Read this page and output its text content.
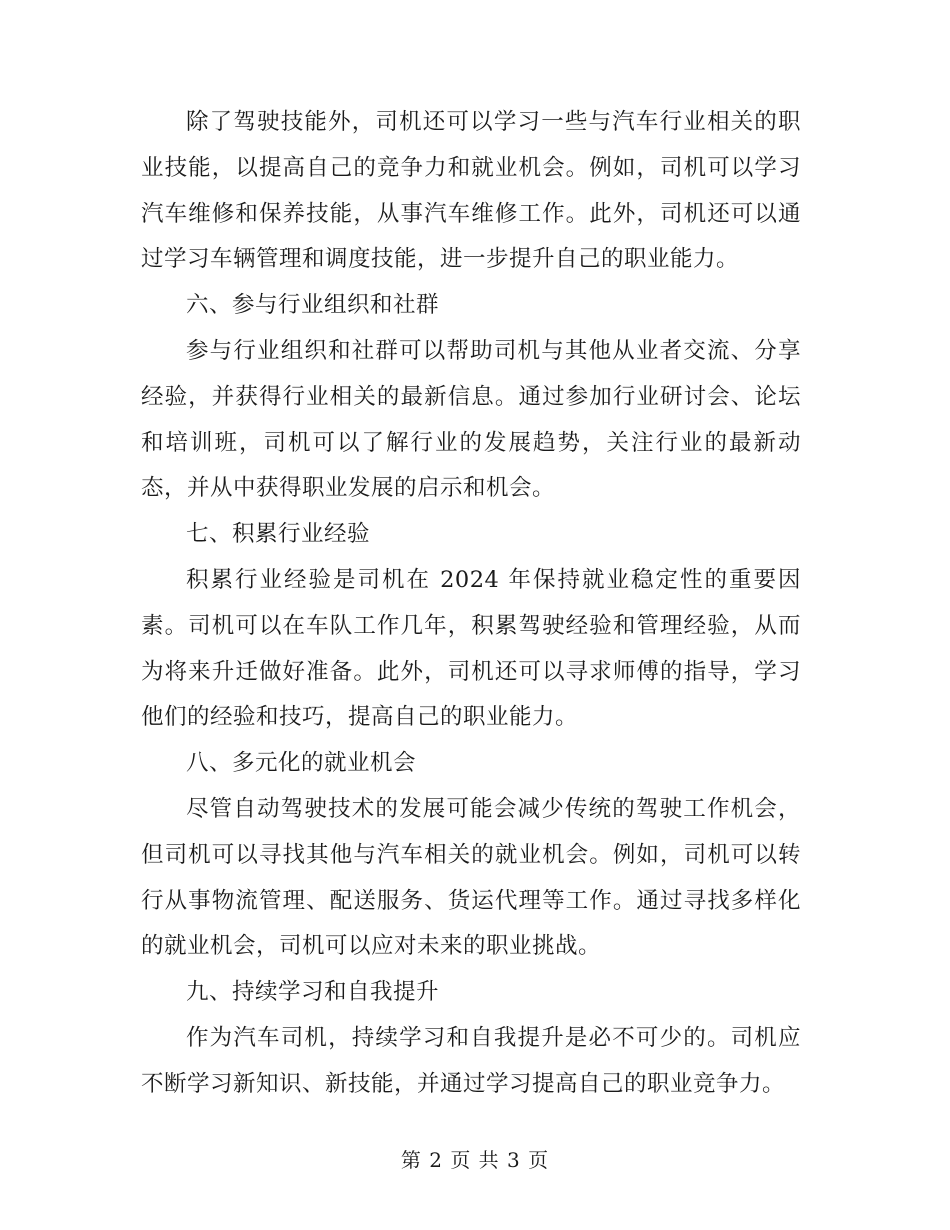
除了驾驶技能外，司机还可以学习一些与汽车行业相关的职业技能，以提高自己的竞争力和就业机会。例如，司机可以学习汽车维修和保养技能，从事汽车维修工作。此外，司机还可以通过学习车辆管理和调度技能，进一步提升自己的职业能力。

六、参与行业组织和社群

参与行业组织和社群可以帮助司机与其他从业者交流、分享经验，并获得行业相关的最新信息。通过参加行业研讨会、论坛和培训班，司机可以了解行业的发展趋势，关注行业的最新动态，并从中获得职业发展的启示和机会。

七、积累行业经验

积累行业经验是司机在 2024 年保持就业稳定性的重要因素。司机可以在车队工作几年，积累驾驶经验和管理经验，从而为将来升迁做好准备。此外，司机还可以寻求师傅的指导，学习他们的经验和技巧，提高自己的职业能力。

八、多元化的就业机会

尽管自动驾驶技术的发展可能会减少传统的驾驶工作机会，但司机可以寻找其他与汽车相关的就业机会。例如，司机可以转行从事物流管理、配送服务、货运代理等工作。通过寻找多样化的就业机会，司机可以应对未来的职业挑战。

九、持续学习和自我提升

作为汽车司机，持续学习和自我提升是必不可少的。司机应不断学习新知识、新技能，并通过学习提高自己的职业竞争力。

第 2 页 共 3 页
